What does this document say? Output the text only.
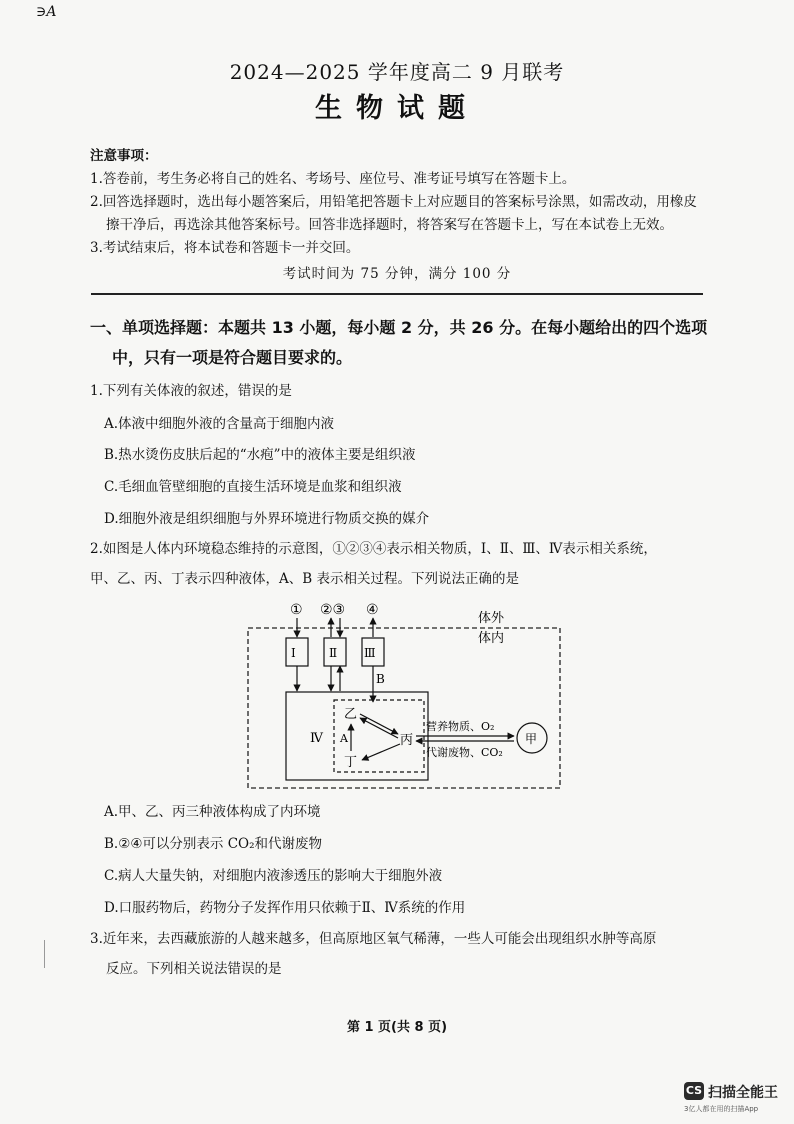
∋A
2024—2025 学年度高二 9 月联考
生物试题
注意事项：
1.答卷前，考生务必将自己的姓名、考场号、座位号、准考证号填写在答题卡上。
2.回答选择题时，选出每小题答案后，用铅笔把答题卡上对应题目的答案标号涂黑，如需改动，用橡皮
擦干净后，再选涂其他答案标号。回答非选择题时，将答案写在答题卡上，写在本试卷上无效。
3.考试结束后，将本试卷和答题卡一并交回。
考试时间为 75 分钟，满分 100 分
一、单项选择题：本题共 13 小题，每小题 2 分，共 26 分。在每小题给出的四个选项
中，只有一项是符合题目要求的。
1.下列有关体液的叙述，错误的是
A.体液中细胞外液的含量高于细胞内液
B.热水烫伤皮肤后起的“水疱”中的液体主要是组织液
C.毛细血管壁细胞的直接生活环境是血浆和组织液
D.细胞外液是组织细胞与外界环境进行物质交换的媒介
2.如图是人体内环境稳态维持的示意图，①②③④表示相关物质，Ⅰ、Ⅱ、Ⅲ、Ⅳ表示相关系统，
甲、乙、丙、丁表示四种液体，A、B 表示相关过程。下列说法正确的是
体外
体内
① ②③ ④
Ⅰ	Ⅱ Ⅲ
B
Ⅳ
乙
丁
丙
A
营养物质、O₂
代谢废物、CO₂
甲
A.甲、乙、丙三种液体构成了内环境
B.②④可以分别表示 CO₂和代谢废物
C.病人大量失钠，对细胞内液渗透压的影响大于细胞外液
D.口服药物后，药物分子发挥作用只依赖于Ⅱ、Ⅳ系统的作用
3.近年来，去西藏旅游的人越来越多，但高原地区氧气稀薄，一些人可能会出现组织水肿等高原
反应。下列相关说法错误的是
第 1 页(共 8 页)
CS 扫描全能王
3亿人都在用的扫描App
